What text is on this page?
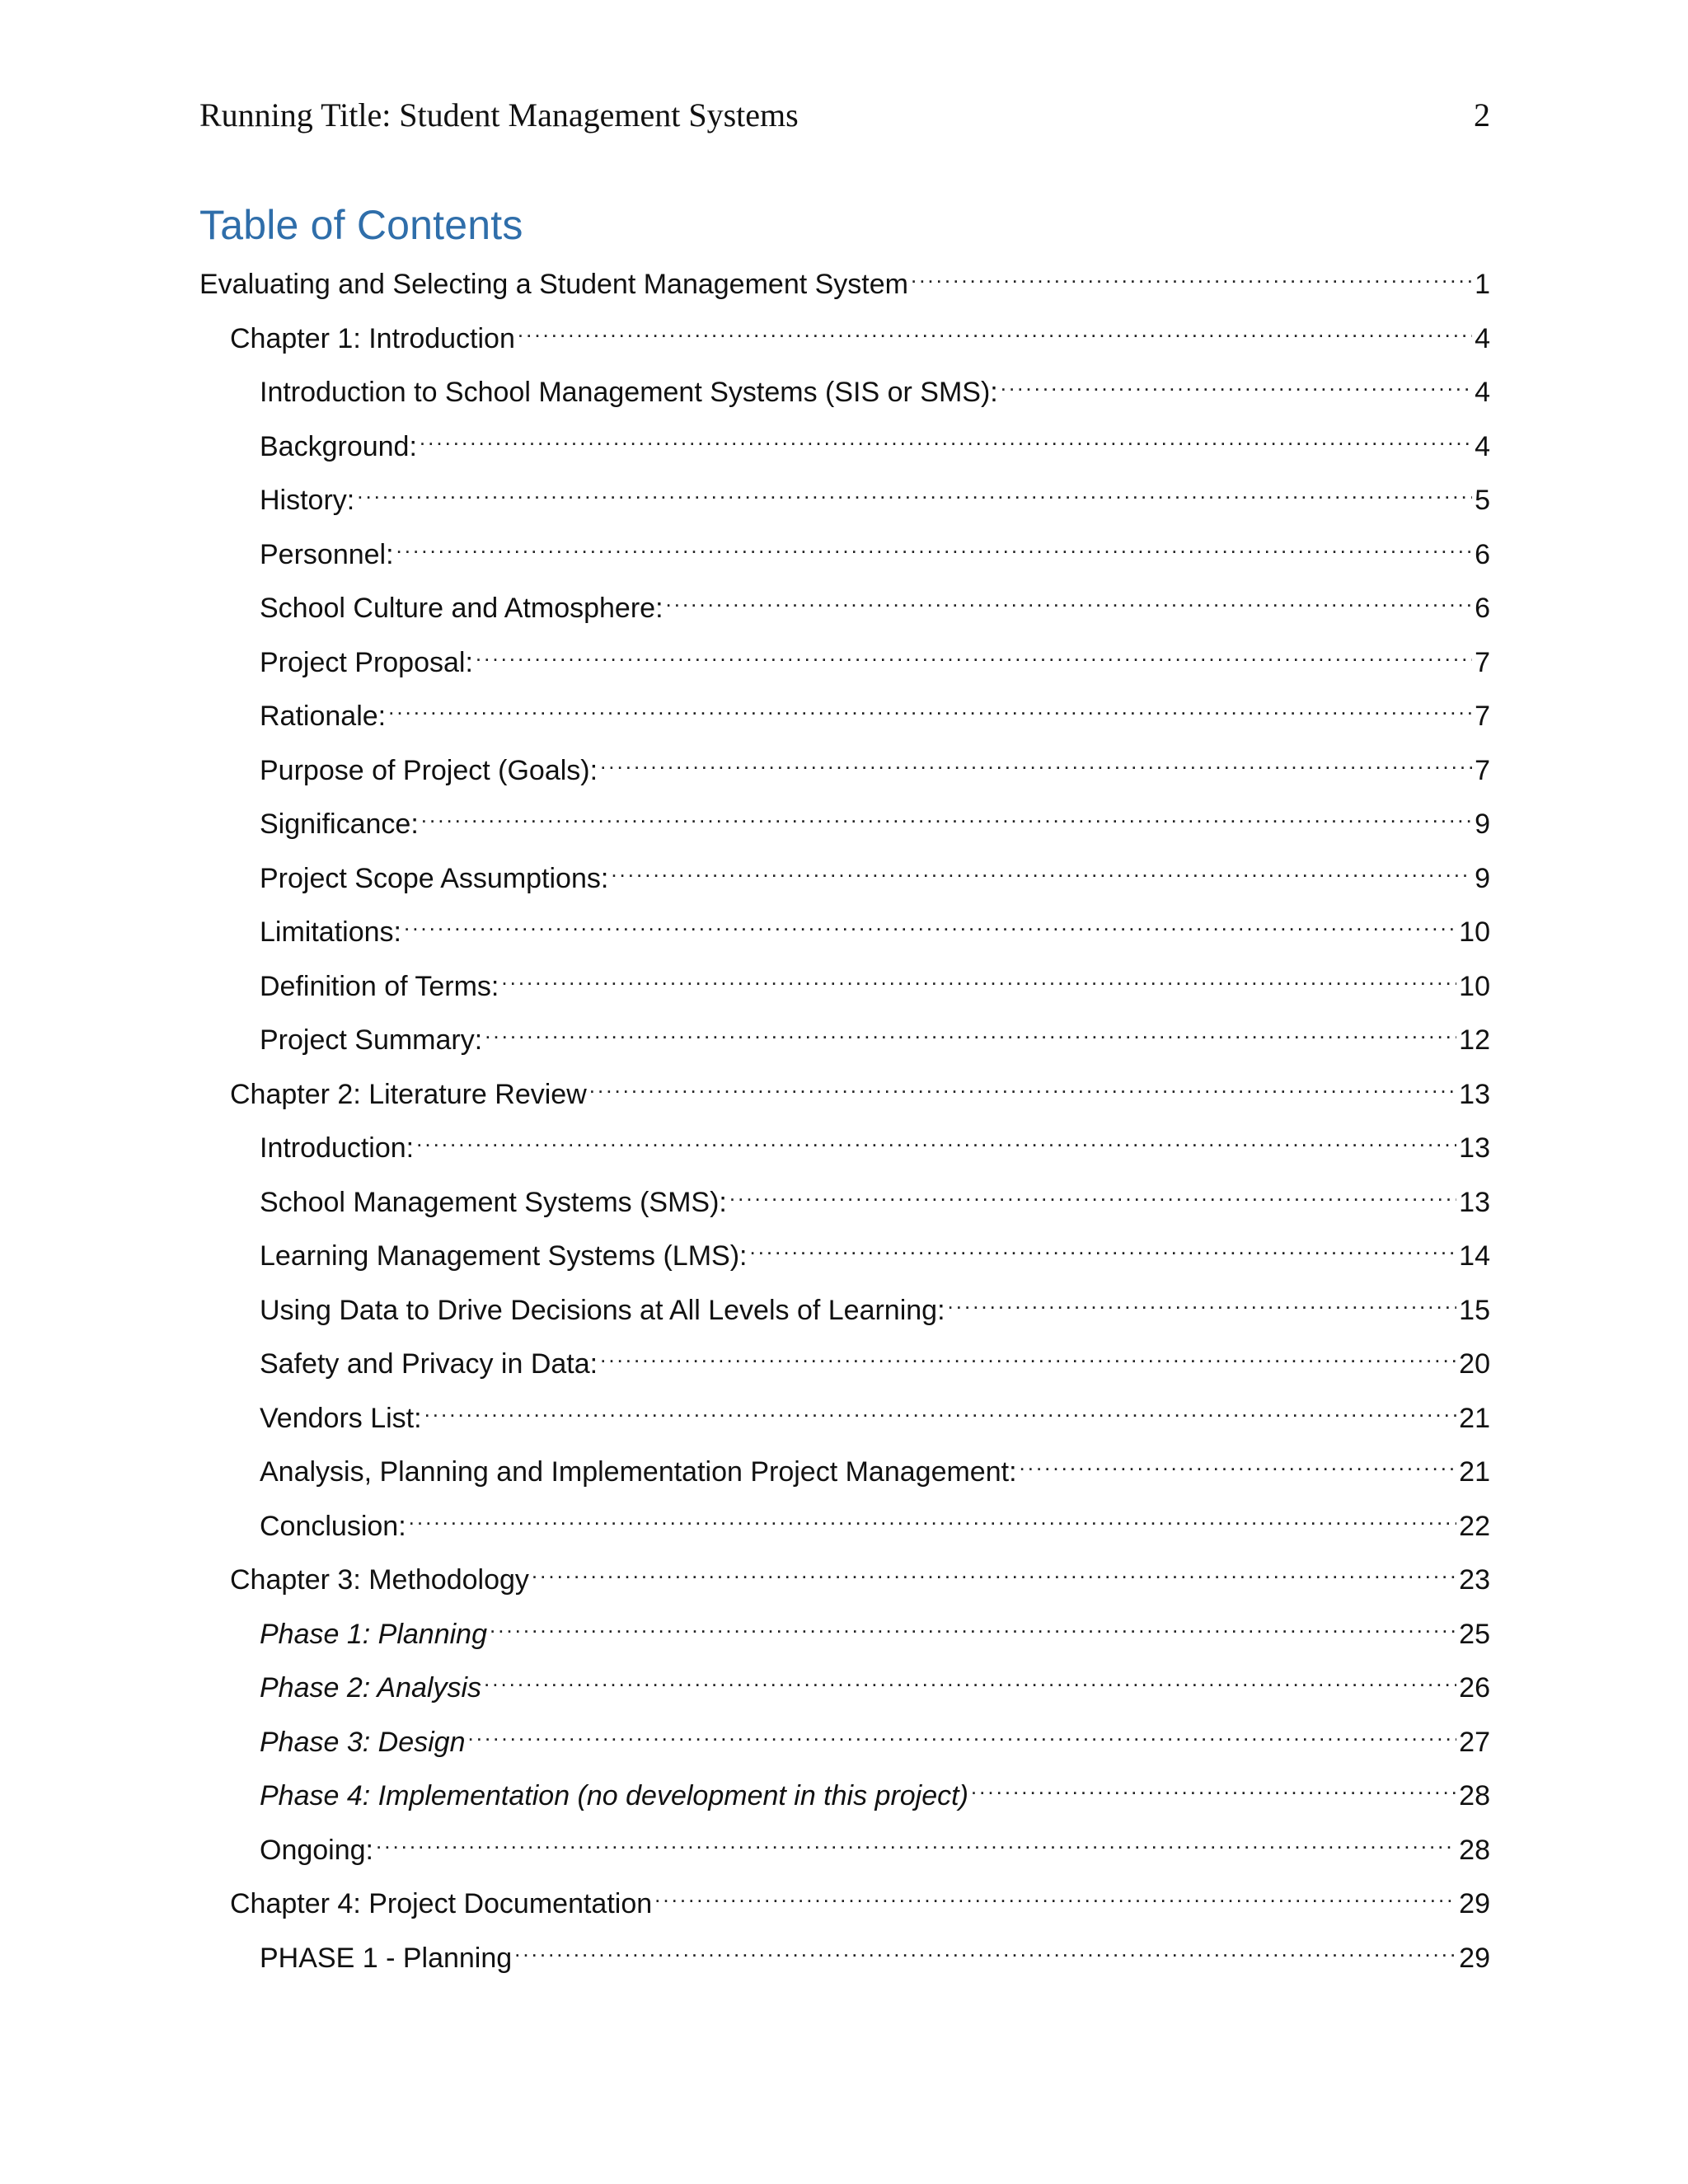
Running Title: Student Management Systems	2
Table of Contents
Evaluating and Selecting a Student Management System .....	1
Chapter 1: Introduction .....	4
Introduction to School Management Systems (SIS or SMS): .....	4
Background: .....	4
History: .....	5
Personnel: .....	6
School Culture and Atmosphere: .....	6
Project Proposal: .....	7
Rationale: .....	7
Purpose of Project (Goals): .....	7
Significance: .....	9
Project Scope Assumptions: .....	9
Limitations: .....	10
Definition of Terms: .....	10
Project Summary: .....	12
Chapter 2: Literature Review .....	13
Introduction: .....	13
School Management Systems (SMS): .....	13
Learning Management Systems (LMS): .....	14
Using Data to Drive Decisions at All Levels of Learning: .....	15
Safety and Privacy in Data: .....	20
Vendors List: .....	21
Analysis, Planning and Implementation Project Management: .....	21
Conclusion: .....	22
Chapter 3: Methodology .....	23
Phase 1: Planning .....	25
Phase 2: Analysis .....	26
Phase 3: Design .....	27
Phase 4: Implementation (no development in this project) .....	28
Ongoing: .....	28
Chapter 4: Project Documentation .....	29
PHASE 1 - Planning .....	29
